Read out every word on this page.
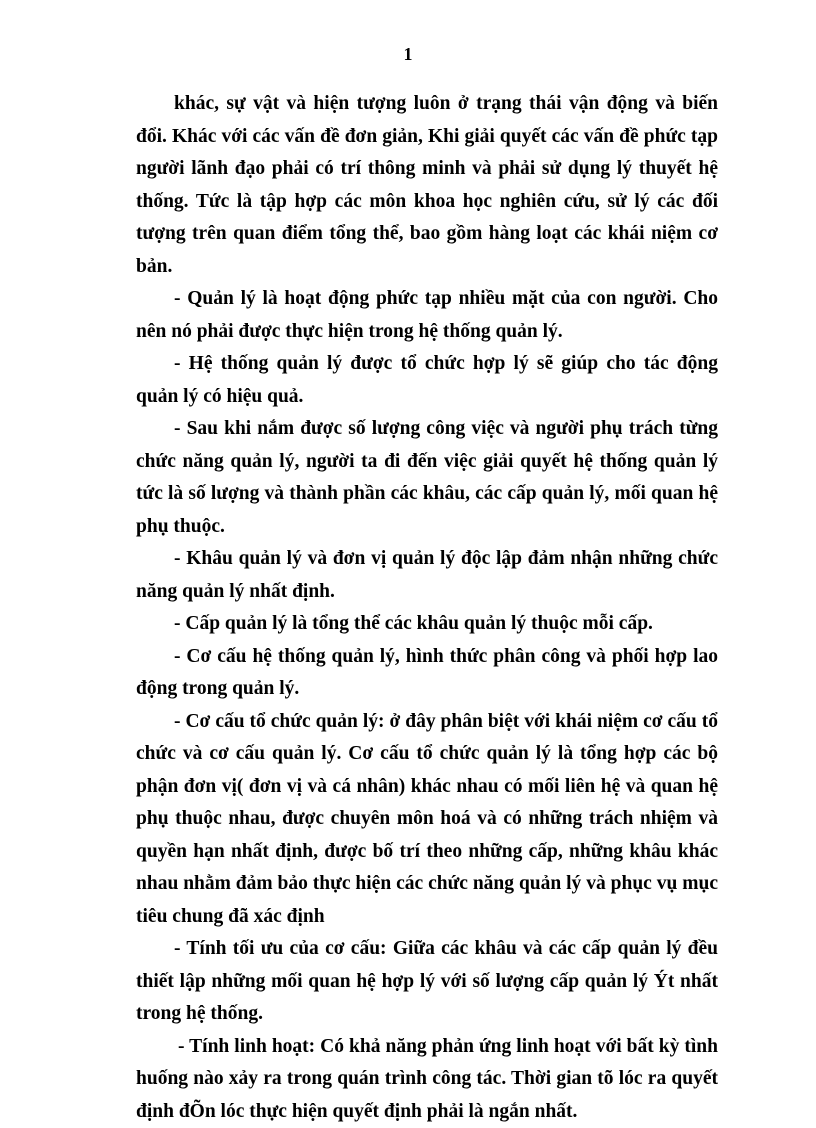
1

khác, sự vật và hiện tượng luôn ở trạng thái vận động và biến đổi. Khác với các vấn đề đơn giản, Khi giải quyết các vấn đề phức tạp người lãnh đạo phải có trí thông minh và phải sử dụng lý thuyết hệ thống. Tức là tập hợp các môn khoa học nghiên cứu, sử lý các đối tượng trên quan điểm tổng thể, bao gồm hàng loạt các khái niệm cơ bản.

- Quản lý là hoạt động phức tạp nhiều mặt của con người. Cho nên nó phải được thực hiện trong hệ thống quản lý.

- Hệ thống quản lý được tổ chức hợp lý sẽ giúp cho tác động quản lý có hiệu quả.

- Sau khi nắm được số lượng công việc và người phụ trách từng chức năng quản lý, người ta đi đến việc giải quyết hệ thống quản lý tức là số lượng và thành phần các khâu, các cấp quản lý, mối quan hệ phụ thuộc.

- Khâu quản lý và đơn vị quản lý độc lập đảm nhận những chức năng quản lý nhất định.

- Cấp quản lý là tổng thể các khâu quản lý thuộc mỗi cấp.

- Cơ cấu hệ thống quản lý, hình thức phân công và phối hợp lao động trong quản lý.

- Cơ cấu tổ chức quản lý: ở đây phân biệt với khái niệm cơ cấu tổ chức và cơ cấu quản lý. Cơ cấu tổ chức quản lý là tổng hợp các bộ phận đơn vị( đơn vị và cá nhân) khác nhau có mối liên hệ và quan hệ phụ thuộc nhau, được chuyên môn hoá và có những trách nhiệm và quyền hạn nhất định, được bố trí theo những cấp, những khâu khác nhau nhằm đảm bảo thực hiện các chức năng quản lý và phục vụ mục tiêu chung đã xác định

- Tính tối ưu của cơ cấu: Giữa các khâu và các cấp quản lý đều thiết lập những mối quan hệ hợp lý với số lượng cấp quản lý Ýt nhất trong hệ thống.

- Tính linh hoạt: Có khả năng phản ứng linh hoạt với bất kỳ tình huống nào xảy ra trong quán trình công tác. Thời gian tõ lóc ra quyết định đÕn lóc thực hiện quyết định phải là ngắn nhất.
